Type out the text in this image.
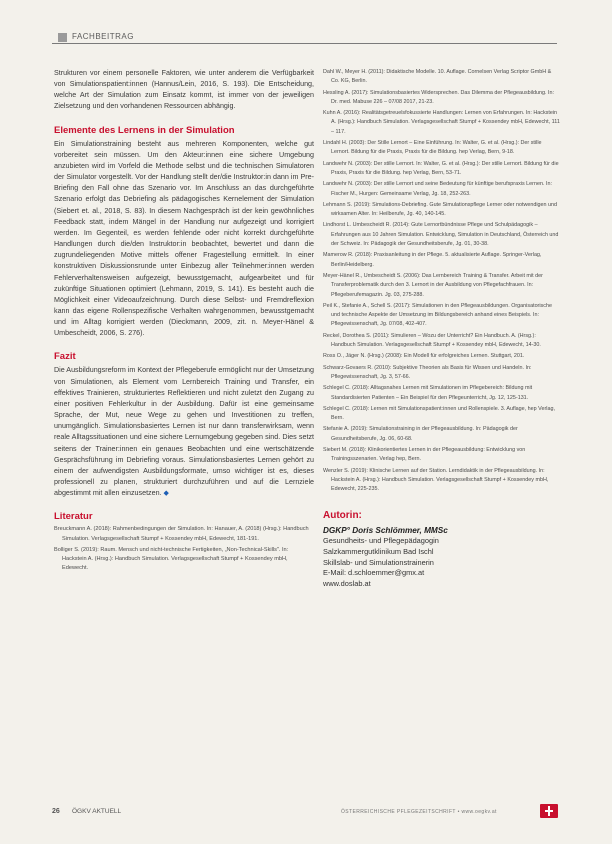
FACHBEITRAG

Strukturen vor einem personelle Faktoren, wie unter anderem die Verfügbarkeit von Simulationspatient:innen (Hannus/Lein, 2016, S. 193). Die Entscheidung, welche Art der Simulation zum Einsatz kommt, ist immer von der jeweiligen Zielsetzung und den vorhandenen Ressourcen abhängig.

Elemente des Lernens in der Simulation

Ein Simulationstraining besteht aus mehreren Komponenten, welche gut vorbereitet sein müssen. Um den Akteur:innen eine sichere Umgebung anzubieten wird im Vorfeld die Methode selbst und die technischen Simulatoren der Simulator vorgestellt. Vor der Handlung stellt der/die Instruktor:in dann im Pre-Briefing den Fall ohne das Szenario vor. Im Anschluss an das durchgeführte Szenario erfolgt das Debriefing als pädagogisches Kernelement der Simulation (Siebert et. al., 2018, S. 83). In diesem Nachgespräch ist der kein gewöhnliches Feedback statt, indem Mängel in der Handlung nur aufgezeigt und korrigiert werden. Im Gegenteil, es werden fehlende oder nicht korrekt durchgeführte Handlungen durch die/den Instruktor:in beobachtet, bewertet und dann die zugrundeliegenden Motive mittels offener Fragestellung ermittelt. In einer konstruktiven Diskussionsrunde unter Einbezug aller Teilnehmer:innen werden Fehlerverhaltensweisen aufgezeigt, bewusstgemacht, aufgearbeitet und für zukünftige Situationen optimiert (Lehmann, 2019, S. 141). Es besteht auch die Möglichkeit einer Videoaufzeichnung. Durch diese Selbst- und Fremdreflexion kann das eigene Rollenspezifische Verhalten wahrgenommen, bewusstgemacht und im Alltag korrigiert werden (Dieckmann, 2009, zit. n. Meyer-Hänel & Umbescheidt, 2006, S. 276).

Fazit

Die Ausbildungsreform im Kontext der Pflegeberufe ermöglicht nur der Umsetzung von Simulationen, als Element vom Lernbereich Training und Transfer, ein effektives Trainieren, strukturiertes Reflektieren und nicht zuletzt den Zugang zu einer positiven Fehlerkultur in der Ausbildung. Dafür ist eine gemeinsame Sprache, der Mut, neue Wege zu gehen und Investitionen zu treffen, unumgänglich. Simulationsbasiertes Lernen ist nur dann transferwirksam, wenn reale Alltagssituationen und eine sichere Lernumgebung gegeben sind. Dies setzt seitens der Trainer:innen ein genaues Beobachten und eine wertschätzende Gesprächsführung im Debriefing voraus. Simulationsbasiertes Lernen gehört zu einem der aufwendigsten Ausbildungsformate, umso wichtiger ist es, dieses professionell zu planen, strukturiert durchzuführen und auf die Lernziele abgestimmt mit allen einzusetzen. ◆

Literatur

Breuckmann A. (2018): Rahmenbedingungen der Simulation. In: Hanauer, A. (2018) (Hrsg.): Handbuch Simulation. Verlagsgesellschaft Stumpf + Kossendey mbH, Edewecht, 181-191.

Bolliger S. (2019): Raum. Mensch und nicht-technische Fertigkeiten, „Non-Technical-Skills". In: Hackstein A. (Hrsg.): Handbuch Simulation. Verlagsgesellschaft Stumpf + Kossendey mbH, Edewecht.

Dahl W., Meyer H. (2011): Didaktische Modelle. 10. Auflage. Cornelsen Verlag Scriptor GmbH & Co. KG, Berlin.

Hessling A. (2017): Simulationsbasiertes Widersprechen. Das Dilemma der Pflegeausbildung. In: Dr. med. Mabuse 226 – 07/08 2017, 21-23.

Kuhn A. (2016): Realitätsgetreuelsfokussierte Handlungen: Lernen von Erfahrungen. In: Hackstein A. (Hrsg.): Handbuch Simulation. Verlagsgesellschaft Stumpf + Kossendey mbH, Edewecht, 111 – 117.

Lindahl H. (2003): Der Stille Lernort – Eine Einführung. In: Walter, G. et al. (Hrsg.): Der stille Lernort. Bildung für die Praxis, Praxis für die Bildung. hep Verlag, Bern, 9-18.

Landwehr N. (2003): Der stille Lernort. In: Walter, G. et al. (Hrsg.): Der stille Lernort. Bildung für die Praxis, Praxis für die Bildung. hep Verlag, Bern, 53-71.

Landwehr N. (2003): Der stille Lernort und seine Bedeutung für künftige berufspraxis Lernen. In: Fischer M., Hurgen: Gemeinsame Verlag, Jg. 18, 252-263.

Lehmann S. (2019): Simulations-Debriefing. Gute Simulationspflege Lerner oder notwendigen und wirksamen Alter. In: Heilberufe, Jg. 40, 140-145.

Lindhorst L. Umbescheidt R. (2014): Gute Lernortbündnisse Pflege und Schulpädagogik – Erfahrungen aus 10 Jahren Simulation. Entwicklung, Simulation in Deutschland, Österreich und der Schweiz. In: Pädagogik der Gesundheitsberufe, Jg. 01, 30-38.

Mamerow R. (2018): Praxisanleitung in der Pflege. 5. aktualisierte Auflage. Springer-Verlag, Berlin/Heidelberg.

Meyer-Hänel R., Umbescheidt S. (2006): Das Lernbereich Training & Transfer. Arbeit mit der Transferproblematik durch den 3. Lernort in der Ausbildung von Pflegefachfrauen. In: Pflegeberufemagazin. Jg. 03, 275-288.

Peil K., Stefanie A., Schell S. (2017): Simulationen in den Pflegeausbildungen. Organisatorische und technische Aspekte der Umsetzung im Bildungsbereich anhand eines Beispiels. In: Pflegewissenschaft, Jg. 07/08, 402-407.

Reckel, Dorothea S. (2011): Simulieren – Wozu der Unterricht? Ein Handbuch. A. (Hrsg.): Handbuch Simulation. Verlagsgesellschaft Stumpf + Kossendey mbH, Edewecht, 14-30.

Ross O., Jäger N. (Hrsg.) (2008): Ein Modell für erfolgreiches Lernen. Stuttgart, 201.

Schwarz-Govaers R. (2010): Subjektive Theorien als Basis für Wissen und Handeln. In: Pflegewissenschaft, Jg. 3, 57-66.

Schlegel C. (2018): Alltagsnahes Lernen mit Simulationen im Pflegebereich: Bildung mit Standardisierten Patienten – Ein Beispiel für den Pflegeunterricht, Jg. 12, 125-131.

Schlegel C. (2018): Lernen mit Simulationspatient:innen und Rollenspiele. 3. Auflage, hep Verlag, Bern.

Stefanie A. (2019): Simulationstraining in der Pflegeausbildung. In: Pädagogik der Gesundheitsberufe, Jg. 06, 60-68.

Siebert M. (2018): Klinikorientiertes Lernen in der Pflegeausbildung: Entwicklung von Trainingsszenarien. Verlag hep, Bern.

Wenzler S. (2019): Klinische Lernen auf der Station. Lerndidaktik in der Pflegeausbildung. In: Hackstein A. (Hrsg.): Handbuch Simulation. Verlagsgesellschaft Stumpf + Kossendey mbH, Edewecht, 225-235.

Autorin:
DGKP° Doris Schlömmer, MMSc
Gesundheits- und Pflegepädagogin
Salzkammergutklinikum Bad Ischl
Skillslab- und Simulationstrainerin
E-Mail: d.schloemmer@gmx.at
www.doslab.at
26 ÖGKV AKTUELL	ÖSTERREICHISCHE PFLEGEZEITSCHRIFT • www.oegkv.at
